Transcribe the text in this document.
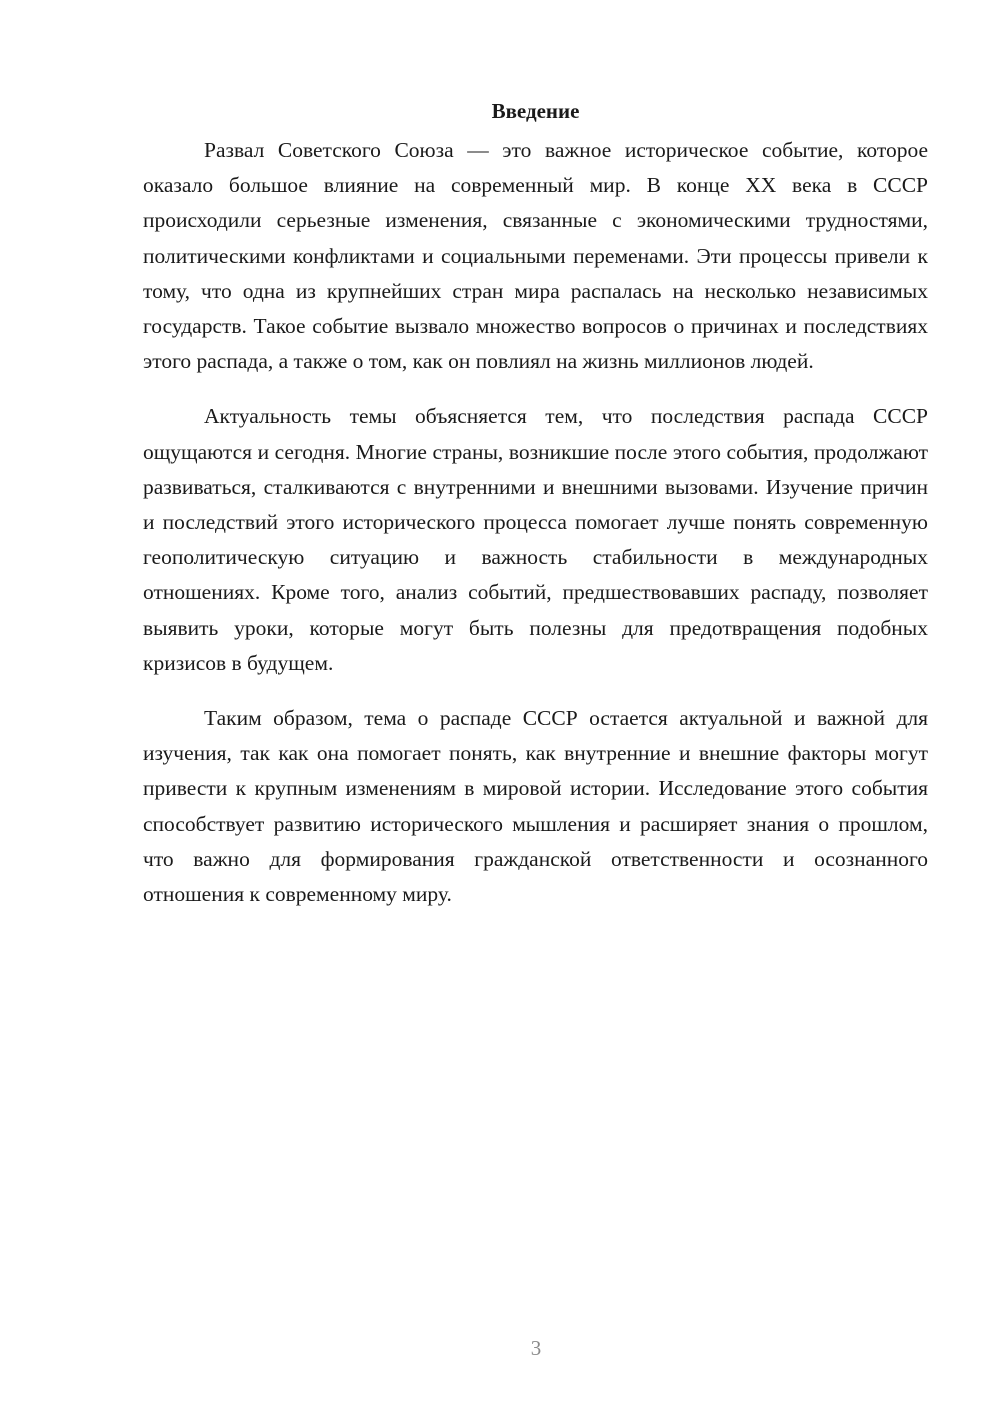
Введение

Развал Советского Союза — это важное историческое событие, которое оказало большое влияние на современный мир. В конце XX века в СССР происходили серьезные изменения, связанные с экономическими трудностями, политическими конфликтами и социальными переменами. Эти процессы привели к тому, что одна из крупнейших стран мира распалась на несколько независимых государств. Такое событие вызвало множество вопросов о причинах и последствиях этого распада, а также о том, как он повлиял на жизнь миллионов людей.

Актуальность темы объясняется тем, что последствия распада СССР ощущаются и сегодня. Многие страны, возникшие после этого события, продолжают развиваться, сталкиваются с внутренними и внешними вызовами. Изучение причин и последствий этого исторического процесса помогает лучше понять современную геополитическую ситуацию и важность стабильности в международных отношениях. Кроме того, анализ событий, предшествовавших распаду, позволяет выявить уроки, которые могут быть полезны для предотвращения подобных кризисов в будущем.

Таким образом, тема о распаде СССР остается актуальной и важной для изучения, так как она помогает понять, как внутренние и внешние факторы могут привести к крупным изменениям в мировой истории. Исследование этого события способствует развитию исторического мышления и расширяет знания о прошлом, что важно для формирования гражданской ответственности и осознанного отношения к современному миру.

3
